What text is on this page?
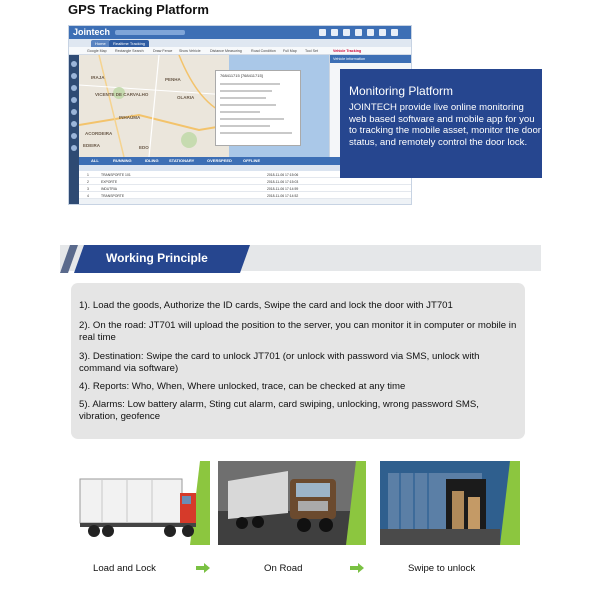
GPS Tracking Platform
Jointech
Home	Realtime Tracking
Google Map Rectangle Search	Draw Fence Show Vehicle	Distance Measuring	Road Condition Full Map Tool Set	Vehicle Tracking
IRAJA
VICENTE DE CARVALHO
INHAÚMA
PENHA
OLARIA
ACORDEIRA
EDEIRA	EDO
768411715 [768411715]
Vehicle information
ALL	RUNNING	IDLING	STATIONARY	OVERSPEED	OFFLINE
1	TRANSPORTE 101	2018-11-06 17:15:06
2	EXPORTE	2018-11-06 17:15:03
3	INDUTRIA	2018-11-06 17:14:59
4	TRANSPORTE	2018-11-06 17:14:52
Monitoring Platform
JOINTECH provide live online monitoring web based software and mobile app for you to tracking the mobile asset, monitor the door status, and remotely control the door lock.
Working Principle
1). Load the goods, Authorize the ID cards, Swipe the card and lock the door with JT701
2). On the road: JT701 will upload the position to the server, you can monitor it in computer or mobile in real time
3). Destination: Swipe the card to unlock JT701 (or unlock with password via SMS, unlock with command via software)
4). Reports: Who, When, Where unlocked, trace, can be checked at any time
5). Alarms: Low battery alarm, Sting cut alarm, card swiping, unlocking, wrong password SMS, vibration, geofence
Load and Lock	On Road	Swipe to unlock
